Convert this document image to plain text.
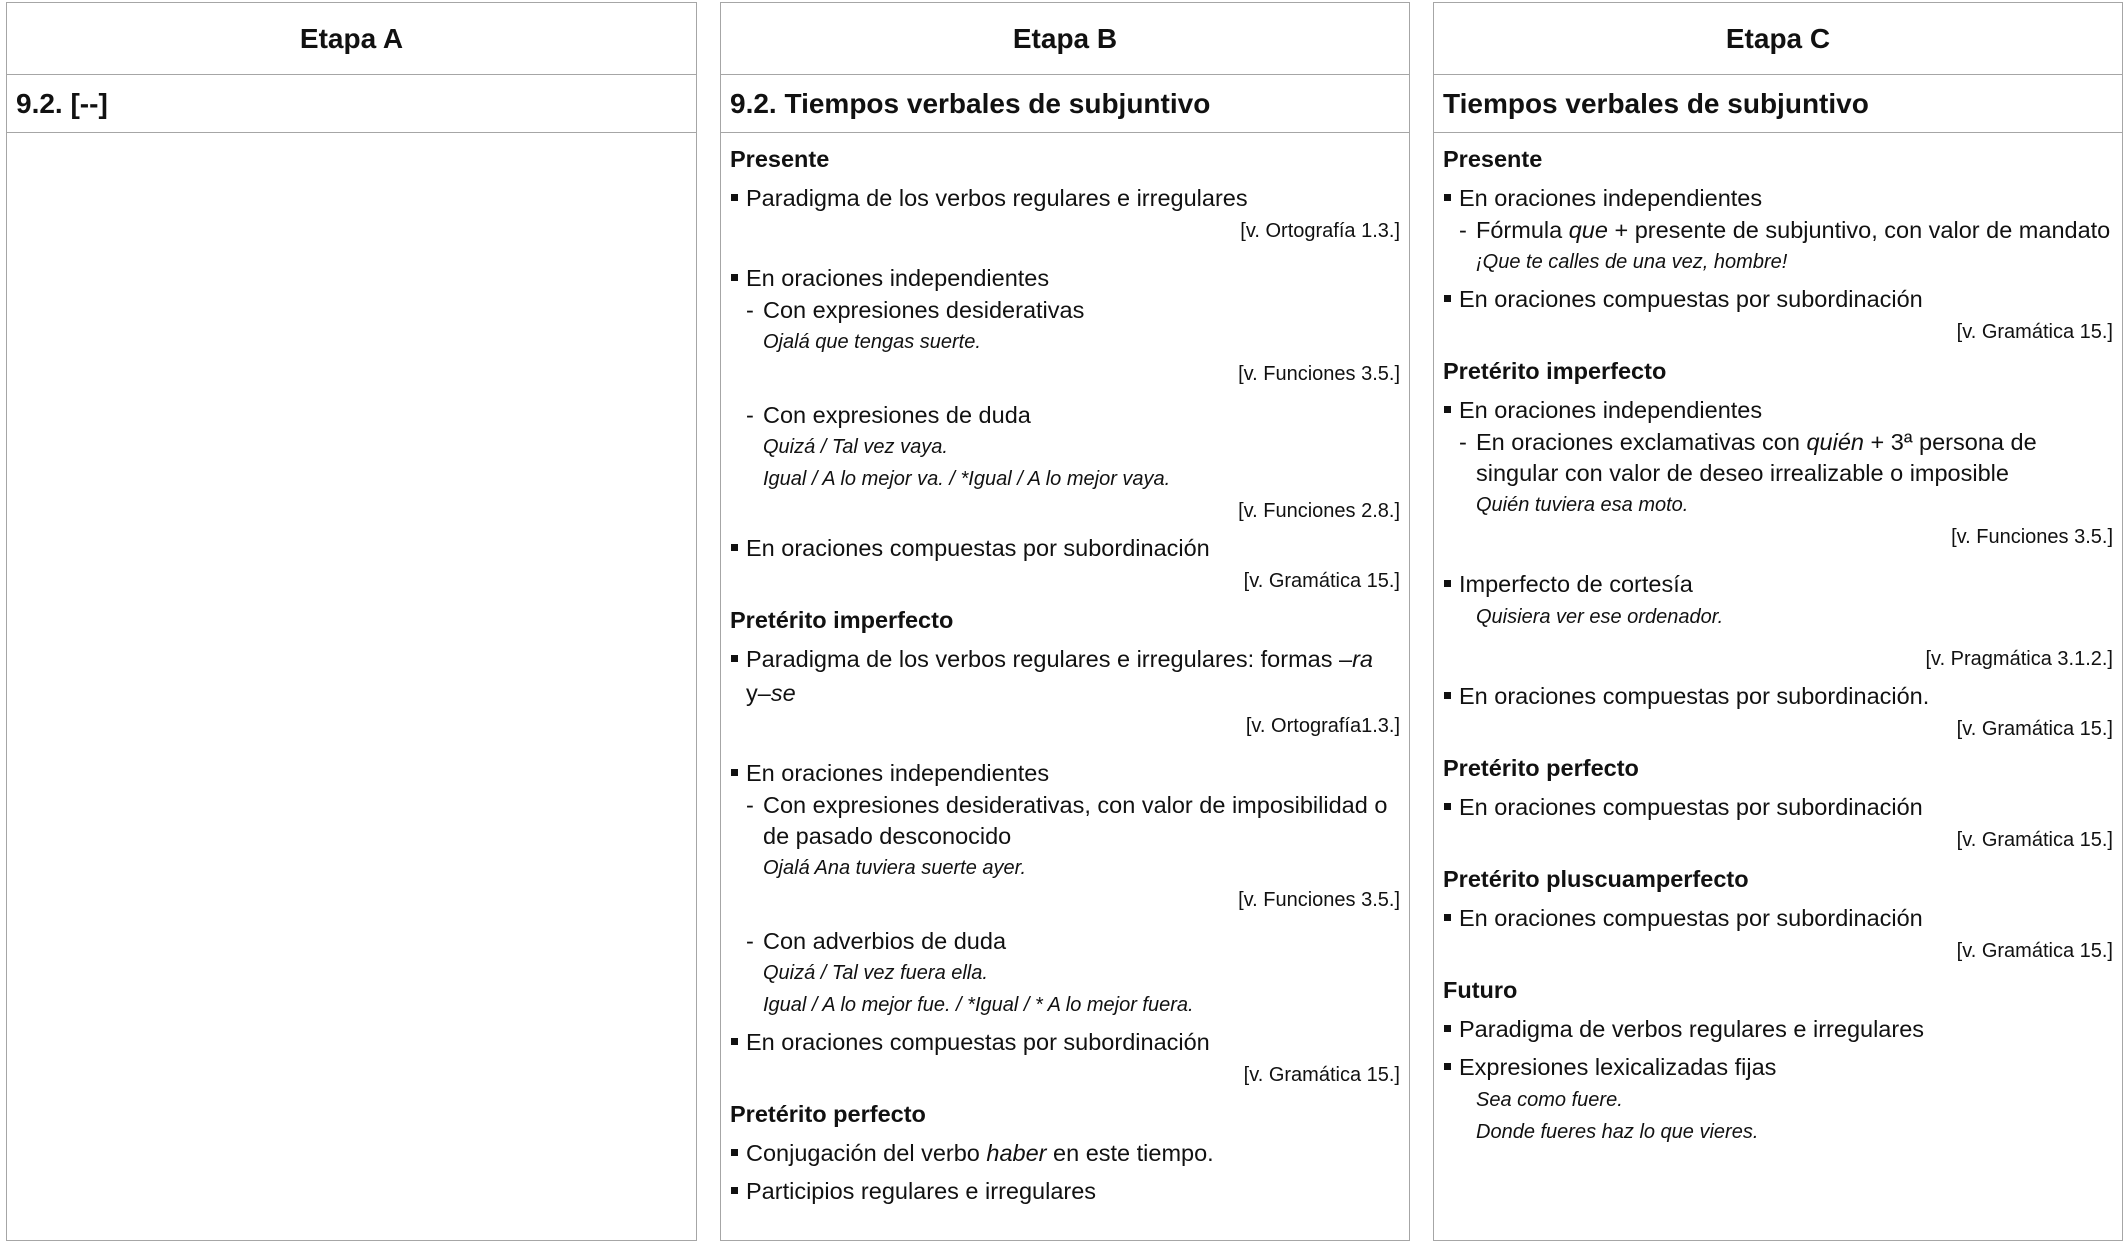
Etapa A
9.2. [--]
Etapa B
9.2. Tiempos verbales de subjuntivo
Presente
Paradigma de los verbos regulares e irregulares
[v. Ortografía 1.3.]
En oraciones independientes
- Con expresiones desiderativas
Ojalá que tengas suerte.
[v. Funciones 3.5.]
- Con expresiones de duda
Quizá / Tal vez vaya.
Igual / A lo mejor va. / *Igual / A lo mejor vaya.
[v. Funciones 2.8.]
En oraciones compuestas por subordinación
[v. Gramática 15.]
Pretérito imperfecto
Paradigma de los verbos regulares e irregulares: formas –ra y–se
[v. Ortografía1.3.]
En oraciones independientes
- Con expresiones desiderativas, con valor de imposibilidad o de pasado desconocido
Ojalá Ana tuviera suerte ayer.
[v. Funciones 3.5.]
- Con adverbios de duda
Quizá / Tal vez fuera ella.
Igual / A lo mejor fue. / *Igual / * A lo mejor fuera.
En oraciones compuestas por subordinación
[v. Gramática 15.]
Pretérito perfecto
Conjugación del verbo haber en este tiempo.
Participios regulares e irregulares
Etapa C
Tiempos verbales de subjuntivo
Presente
En oraciones independientes
- Fórmula que + presente de subjuntivo, con valor de mandato
¡Que te calles de una vez, hombre!
En oraciones compuestas por subordinación
[v. Gramática 15.]
Pretérito imperfecto
En oraciones independientes
- En oraciones exclamativas con quién + 3ª persona de singular con valor de deseo irrealizable o imposible
Quién tuviera esa moto.
[v. Funciones 3.5.]
Imperfecto de cortesía
Quisiera ver ese ordenador.
[v. Pragmática 3.1.2.]
En oraciones compuestas por subordinación.
[v. Gramática 15.]
Pretérito perfecto
En oraciones compuestas por subordinación
[v. Gramática 15.]
Pretérito pluscuamperfecto
En oraciones compuestas por subordinación
[v. Gramática 15.]
Futuro
Paradigma de verbos regulares e irregulares
Expresiones lexicalizadas fijas
Sea como fuere.
Donde fueres haz lo que vieres.
